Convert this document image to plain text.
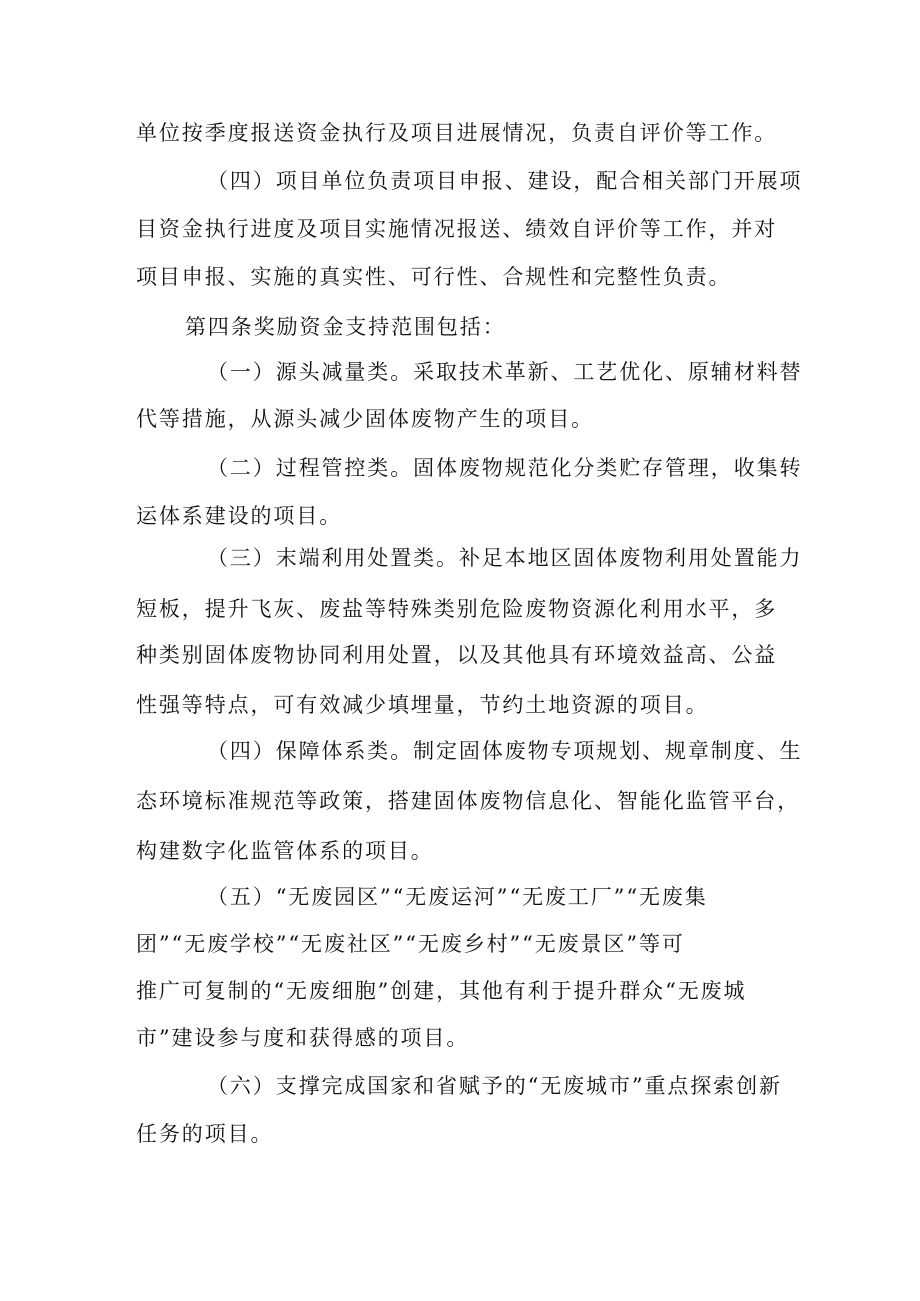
单位按季度报送资金执行及项目进展情况，负责自评价等工作。
（四）项目单位负责项目申报、建设，配合相关部门开展项
目资金执行进度及项目实施情况报送、绩效自评价等工作，并对
项目申报、实施的真实性、可行性、合规性和完整性负责。
第四条奖励资金支持范围包括：
（一）源头减量类。采取技术革新、工艺优化、原辅材料替
代等措施，从源头减少固体废物产生的项目。
（二）过程管控类。固体废物规范化分类贮存管理，收集转
运体系建设的项目。
（三）末端利用处置类。补足本地区固体废物利用处置能力
短板，提升飞灰、废盐等特殊类别危险废物资源化利用水平，多
种类别固体废物协同利用处置，以及其他具有环境效益高、公益
性强等特点，可有效减少填埋量，节约土地资源的项目。
（四）保障体系类。制定固体废物专项规划、规章制度、生
态环境标准规范等政策，搭建固体废物信息化、智能化监管平台，
构建数字化监管体系的项目。
（五）“无废园区”“无废运河”“无废工厂”“无废集
团”“无废学校”“无废社区”“无废乡村”“无废景区”等可
推广可复制的“无废细胞”创建，其他有利于提升群众“无废城
市”建设参与度和获得感的项目。
（六）支撑完成国家和省赋予的“无废城市”重点探索创新
任务的项目。
